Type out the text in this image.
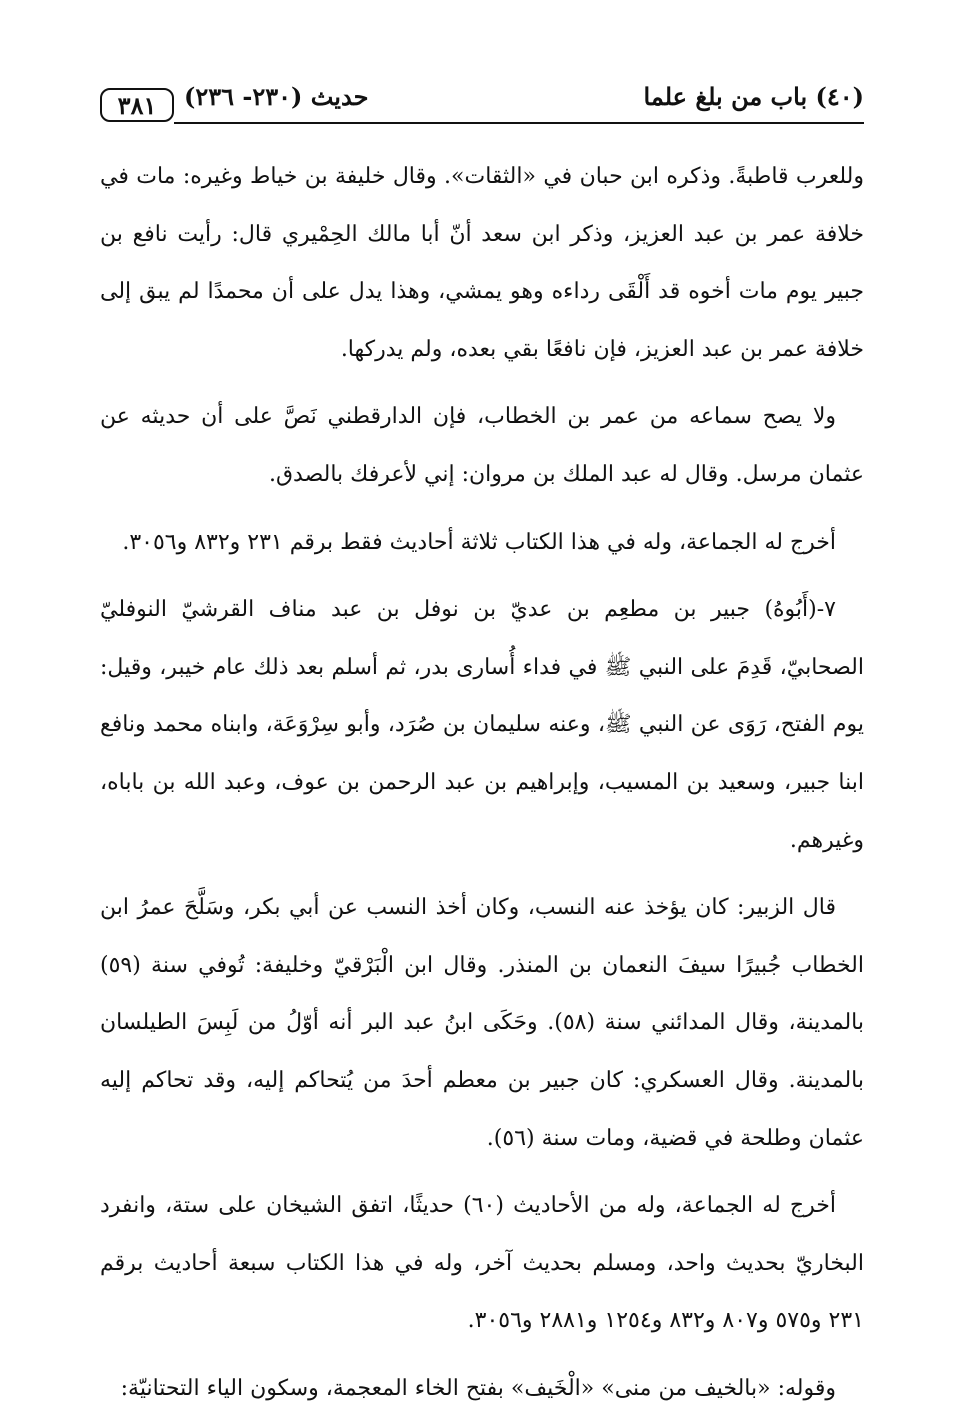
٣٨١	حديث (٢٣٠- ٢٣٦)	(٤٠) باب من بلغ علما

وللعرب قاطبةً. وذكره ابن حبان في «الثقات». وقال خليفة بن خياط وغيره: مات في خلافة عمر بن عبد العزيز، وذكر ابن سعد أنّ أبا مالك الحِمْيري قال: رأيت نافع بن جبير يوم مات أخوه قد أَلْقَى رداءه وهو يمشي، وهذا يدل على أن محمدًا لم يبق إلى خلافة عمر بن عبد العزيز، فإن نافعًا بقي بعده، ولم يدركها.

ولا يصح سماعه من عمر بن الخطاب، فإن الدارقطني نَصَّ على أن حديثه عن عثمان مرسل. وقال له عبد الملك بن مروان: إني لأعرفك بالصدق.

أخرج له الجماعة، وله في هذا الكتاب ثلاثة أحاديث فقط برقم ٢٣١ و٨٣٢ و٣٠٥٦.

٧-(أَبُوهُ) جبير بن مطعِم بن عديّ بن نوفل بن عبد مناف القرشيّ النوفليّ الصحابيّ، قَدِمَ على النبي ﷺ في فداء أُسارى بدر، ثم أسلم بعد ذلك عام خيبر، وقيل: يوم الفتح، رَوَى عن النبي ﷺ، وعنه سليمان بن صُرَد، وأبو سِرْوَعَة، وابناه محمد ونافع ابنا جبير، وسعيد بن المسيب، وإبراهيم بن عبد الرحمن بن عوف، وعبد الله بن باباه، وغيرهم.

قال الزبير: كان يؤخذ عنه النسب، وكان أخذ النسب عن أبي بكر، وسَلَّحَ عمرُ ابن الخطاب جُبيرًا سيفَ النعمان بن المنذر. وقال ابن الْبَرْقيّ وخليفة: تُوفي سنة (٥٩) بالمدينة، وقال المدائني سنة (٥٨). وحَكَى ابنُ عبد البر أنه أوّلُ من لَبِسَ الطيلسان بالمدينة. وقال العسكري: كان جبير بن معطم أحدَ من يُتحاكم إليه، وقد تحاكم إليه عثمان وطلحة في قضية، ومات سنة (٥٦).

أخرج له الجماعة، وله من الأحاديث (٦٠) حديثًا، اتفق الشيخان على ستة، وانفرد البخاريّ بحديث واحد، ومسلم بحديث آخر، وله في هذا الكتاب سبعة أحاديث برقم ٢٣١ و٥٧٥ و٨٠٧ و٨٣٢ و١٢٥٤ و٢٨٨١ و٣٠٥٦.

وقوله: «بالخيف من منى» «الْخَيف» بفتح الخاء المعجمة، وسكون الياء التحتانيّة:
